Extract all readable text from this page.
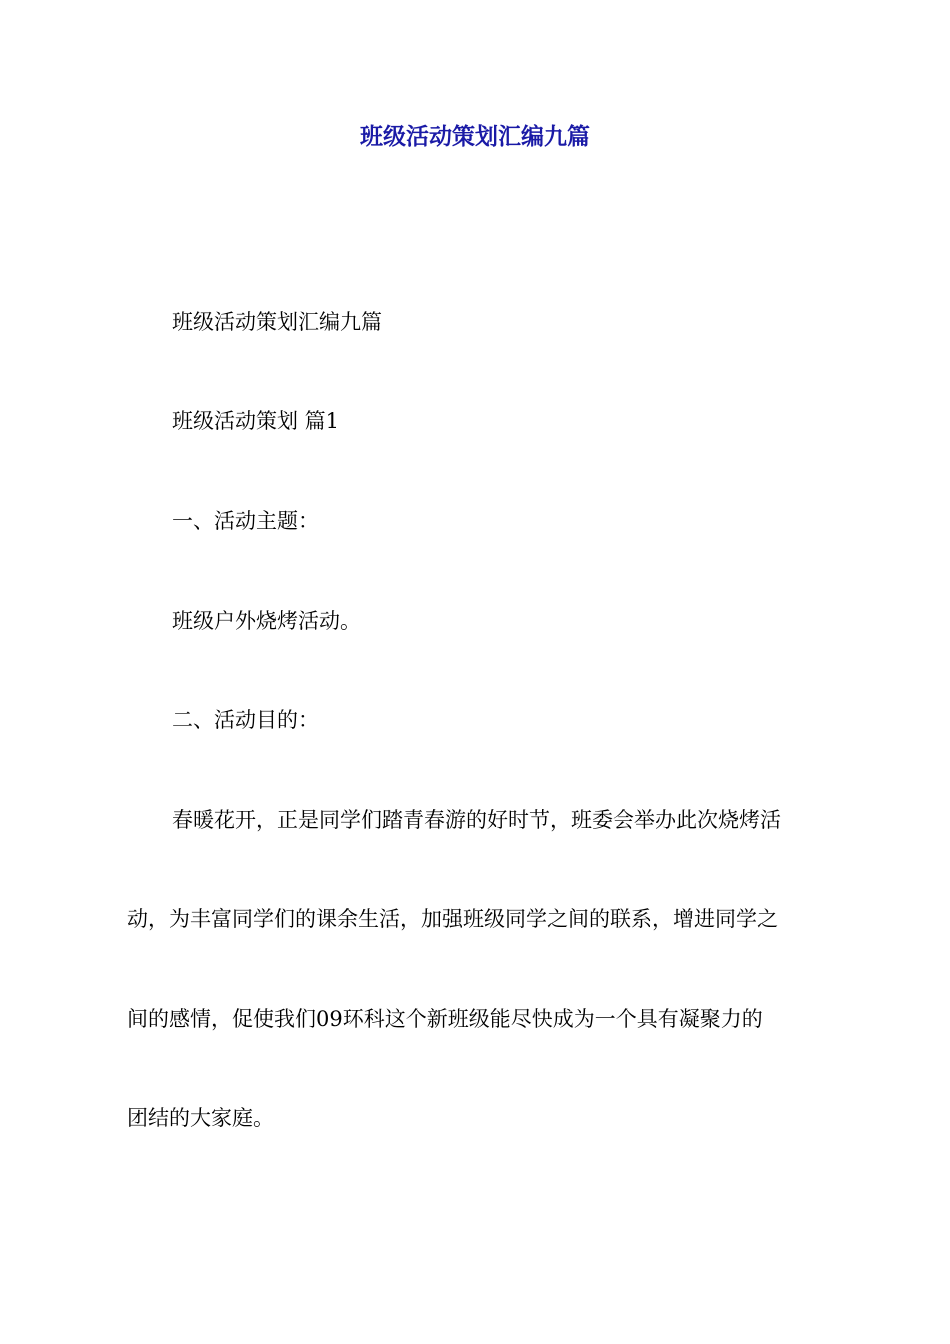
班级活动策划汇编九篇

班级活动策划汇编九篇

班级活动策划 篇1

一、活动主题：

班级户外烧烤活动。

二、活动目的：

春暖花开，正是同学们踏青春游的好时节，班委会举办此次烧烤活

动，为丰富同学们的课余生活，加强班级同学之间的联系，增进同学之

间的感情，促使我们09环科这个新班级能尽快成为一个具有凝聚力的

团结的大家庭。
